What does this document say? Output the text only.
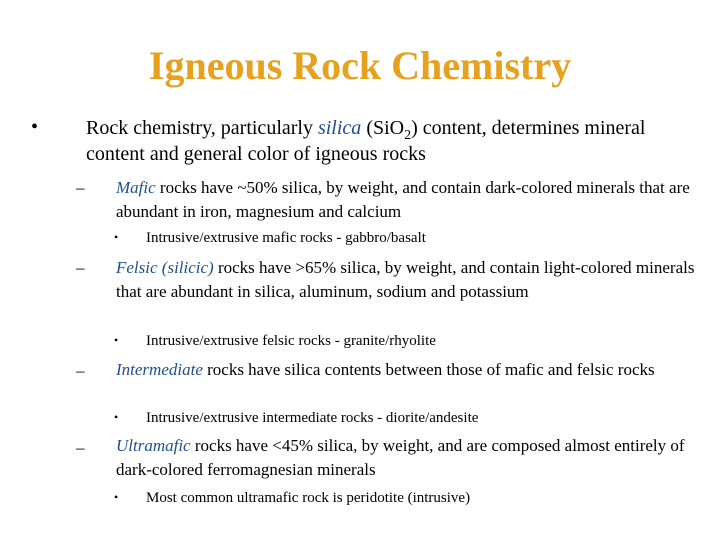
Igneous Rock Chemistry
• Rock chemistry, particularly silica (SiO$_2$) content, determines mineral content and general color of igneous rocks

– Mafic rocks have ~50% silica, by weight, and contain dark-colored minerals that are abundant in iron, magnesium and calcium

• Intrusive/extrusive mafic rocks - gabbro/basalt

– Felsic (silicic) rocks have >65% silica, by weight, and contain light-colored minerals that are abundant in silica, aluminum, sodium and potassium

• Intrusive/extrusive felsic rocks - granite/rhyolite

– Intermediate rocks have silica contents between those of mafic and felsic rocks

• Intrusive/extrusive intermediate rocks - diorite/andesite

– Ultramafic rocks have <45% silica, by weight, and are composed almost entirely of dark-colored ferromagnesian minerals

• Most common ultramafic rock is peridotite (intrusive)
